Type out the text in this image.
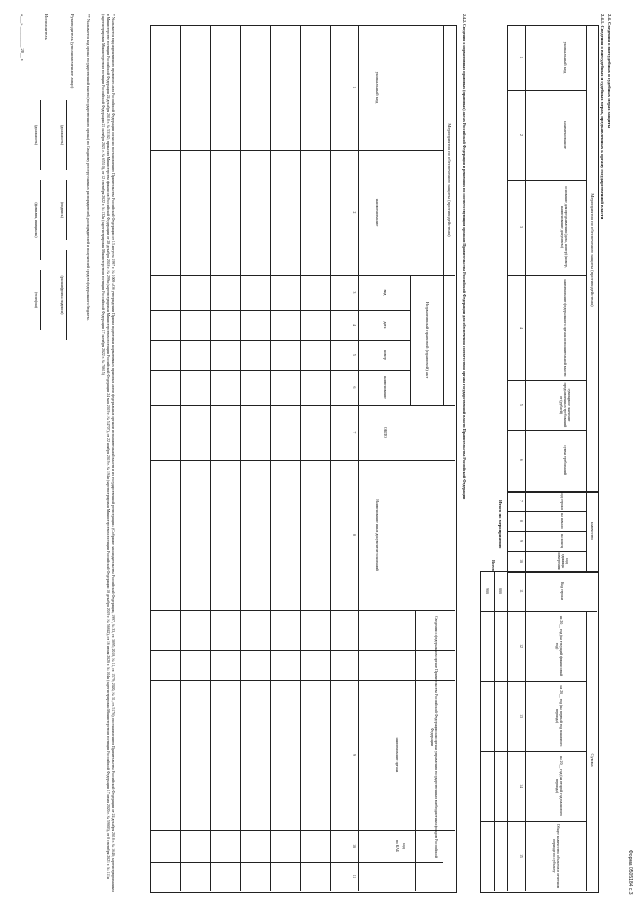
Форма 0505184 с.3
2.4. Сведения о внесудебных и судебных мерах защиты
2.4.1. Сведения о внесудебных и судебных мерах, предъявленных к органу государственной власти
Мероприятия по обеспечению защиты (противодействия)
уникальный код
наименование
основание для предъявления (дата, номер) (номер, наименование документа)
наименование федерального органа исполнительной власти
суммарное значение предъявленных требований от (рублей)
сумма требований
1
2
3
4
5
6
количество
код строки
на начало
на конец
код единицы измерения
7
8
9
10
Итого по мероприятию
Всего
Сумма
Код строки
на 20__ год (на текущий финансовый год)
на 20__ год (на первый год планового периода)
на 20__ год (на второй год планового периода)
Общее количество объектов в отчетном периоде по субъекту
11
12
13
14
15
000
900
2.4.2. Сведения о нормативных правовых (правовых) актах Российской Федерации и решениях по соответствующим органам Правительства Российской Федерации для обеспечения соответствия органа государственной власти Правительства Российской Федерации
Мероприятия по обеспечению защиты (противодействия)
уникальный код
наименование
Нормативный правовой (правовой) акт
вид
дата
номер
наименование
ОКПО
Наименование иных документов-оснований
Сведения о федеральном органе Правительства Российской Федерации или органа управления государственным внебюджетным фондом Российской Федерации
наименование органа
код
по КАБ
1
2
3
4
5
6
7
8
9
10
11
* Указывается вид нормативного правового акта Российской Федерации согласно постановлению Правительства Российской Федерации от 13 августа 1997 г. № 1009 «Об утверждении Правил подготовки нормативных правовых актов федеральных органов исполнительной власти и их государственной регистрации» (Собрание законодательства Российской Федерации, 1997, № 33, ст. 3895; 2018, № 11, ст. 1579; 2020, № 31, ст. 5176); постановлением Правительства Российской Федерации от 24 декабря 2018 г. № 1640; зарегистрированным в Министерстве юстиции Российской Федерации 24 декабря 2018 г. № 53102; приказом Министерства финансов Российской Федерации от 28 декабря 2018 г. № 299н (зарегистрирован Министерством юстиции Российской Федерации 24 мая 2019 г. № 54707), от 22 ноября 2019 г. № 194н (зарегистрирован Министерством юстиции Российской Федерации 18 декабря 2019 г. № 56842), от 16 июня 2020 г. № 104н (зарегистрирован Министерством юстиции Российской Федерации 17 июля 2020 г. № 59003), от 8 сентября 2021 г. № 111н (зарегистрирован Министерством юстиции Российской Федерации 21 октября 2021 г. № 65510), от 12 сентября 2022 г. № 132н (зарегистрирован Министерством юстиции Российской Федерации 17 октября 2022 г. № 70615)
** Указывается код органа государственной власти (государственного органа) по Сводному реестру главных распорядителей, распорядителей и получателей средств федерального бюджета.
Руководитель (уполномоченное лицо)
(должность)
(подпись)
(расшифровка подписи)
Исполнитель
(должность)
(фамилия, инициалы)
(телефон)
«___» _________ 20__ г.
